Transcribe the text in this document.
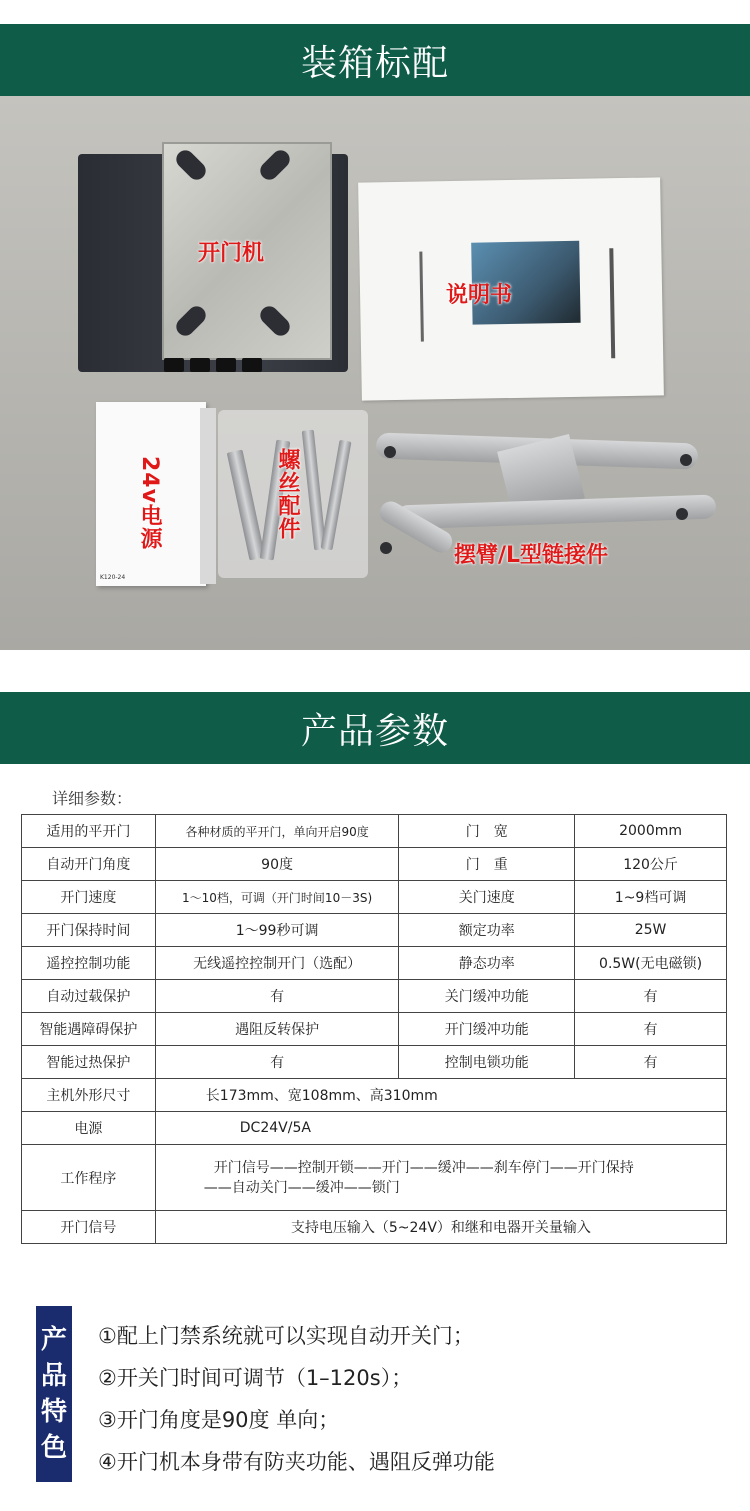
装箱标配
K120-24
开门机
说明书
24v电源	螺丝配件
摆臂/L型链接件
产品参数
详细参数：
适用的平开门	各种材质的平开门，单向开启90度	门　宽	2000mm
自动开门角度	90度	门　重	120公斤
开门速度	1～10档，可调（开门时间10－3S)	关门速度	1~9档可调
开门保持时间	1～99秒可调	额定功率	25W
遥控控制功能	无线遥控控制开门（选配）	静态功率	0.5W(无电磁锁)
自动过载保护	有	关门缓冲功能	有
智能遇障碍保护	遇阻反转保护	开门缓冲功能	有
智能过热保护	有	控制电锁功能	有
主机外形尺寸	长173mm、宽108mm、高310mm		
电源	DC24V/5A		
工作程序	开门信号——控制开锁——开门——缓冲——刹车停门——开门保持
——自动关门——缓冲——锁门		

开门信号	支持电压输入（5~24V）和继和电器开关量输入		
产
品
特
色
①配上门禁系统就可以实现自动开关门；
②开关门时间可调节（1–120s）；
③开门角度是90度 单向；
④开门机本身带有防夹功能、遇阻反弹功能
